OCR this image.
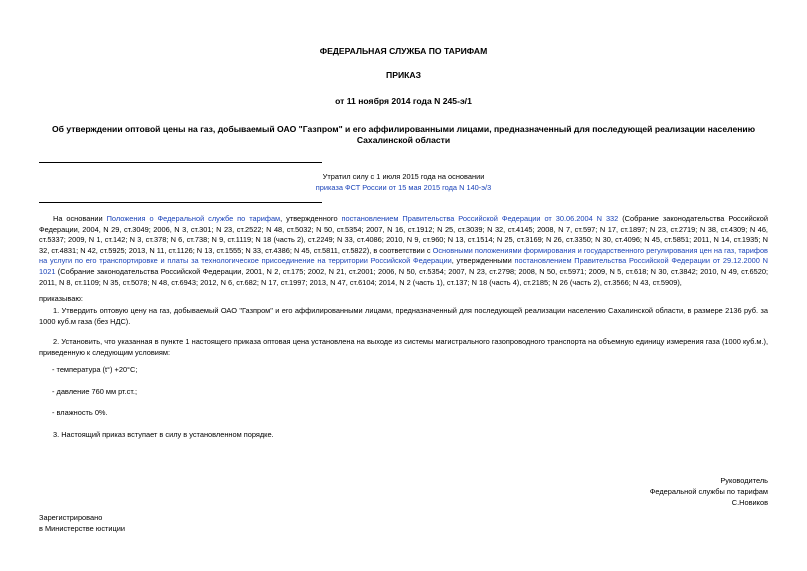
ФЕДЕРАЛЬНАЯ СЛУЖБА ПО ТАРИФАМ
ПРИКАЗ
от 11 ноября 2014 года N 245-э/1
Об утверждении оптовой цены на газ, добываемый ОАО "Газпром" и его аффилированными лицами, предназначенный для последующей реализации населению Сахалинской области
Утратил силу с 1 июля 2015 года на основании
приказа ФСТ России от 15 мая 2015 года N 140-э/3
На основании Положения о Федеральной службе по тарифам, утвержденного постановлением Правительства Российской Федерации от 30.06.2004 N 332 (Собрание законодательства Российской Федерации, 2004, N 29, ст.3049; 2006, N 3, ст.301; N 23, ст.2522; N 48, ст.5032; N 50, ст.5354; 2007, N 16, ст.1912; N 25, ст.3039; N 32, ст.4145; 2008, N 7, ст.597; N 17, ст.1897; N 23, ст.2719; N 38, ст.4309; N 46, ст.5337; 2009, N 1, ст.142; N 3, ст.378; N 6, ст.738; N 9, ст.1119; N 18 (часть 2), ст.2249; N 33, ст.4086; 2010, N 9, ст.960; N 13, ст.1514; N 25, ст.3169; N 26, ст.3350; N 30, ст.4096; N 45, ст.5851; 2011, N 14, ст.1935; N 32, ст.4831; N 42, ст.5925; 2013, N 11, ст.1126; N 13, ст.1555; N 33, ст.4386; N 45, ст.5811, ст.5822), в соответствии с Основными положениями формирования и государственного регулирования цен на газ, тарифов на услуги по его транспортировке и платы за технологическое присоединение на территории Российской Федерации, утвержденными постановлением Правительства Российской Федерации от 29.12.2000 N 1021 (Собрание законодательства Российской Федерации, 2001, N 2, ст.175; 2002, N 21, ст.2001; 2006, N 50, ст.5354; 2007, N 23, ст.2798; 2008, N 50, ст.5971; 2009, N 5, ст.618; N 30, ст.3842; 2010, N 49, ст.6520; 2011, N 8, ст.1109; N 35, ст.5078; N 48, ст.6943; 2012, N 6, ст.682; N 17, ст.1997; 2013, N 47, ст.6104; 2014, N 2 (часть 1), ст.137; N 18 (часть 4), ст.2185; N 26 (часть 2), ст.3566; N 43, ст.5909),
приказываю:
1. Утвердить оптовую цену на газ, добываемый ОАО "Газпром" и его аффилированными лицами, предназначенный для последующей реализации населению Сахалинской области, в размере 2136 руб. за 1000 куб.м газа (без НДС).
2. Установить, что указанная в пункте 1 настоящего приказа оптовая цена установлена на выходе из системы магистрального газопроводного транспорта на объемную единицу измерения газа (1000 куб.м.), приведенную к следующим условиям:
- температура (t°) +20°С;
- давление 760 мм рт.ст.;
- влажность 0%.
3. Настоящий приказ вступает в силу в установленном порядке.
Руководитель
Федеральной службы по тарифам
С.Новиков
Зарегистрировано
в Министерстве юстиции
